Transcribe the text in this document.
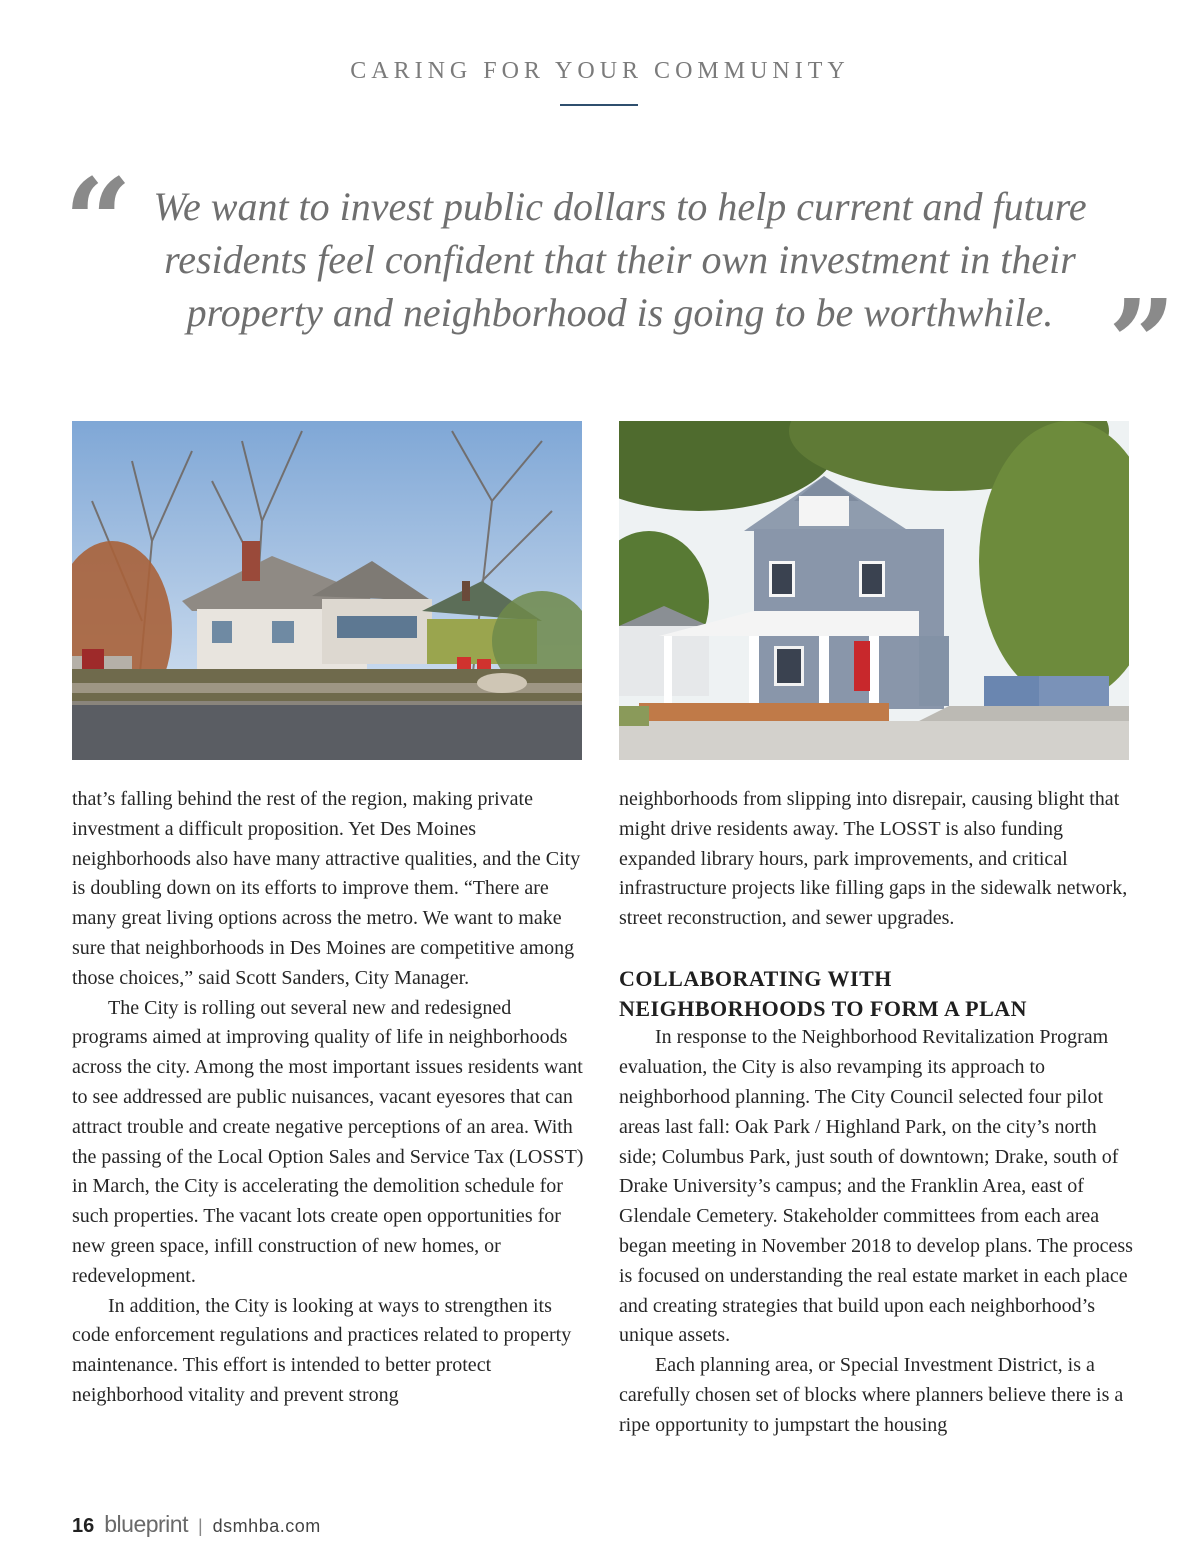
CARING FOR YOUR COMMUNITY
“ We want to invest public dollars to help current and future
residents feel confident that their own investment in their
property and neighborhood is going to be worthwhile. ”

that’s falling behind the rest of the region, making private investment a difficult proposition. Yet Des Moines neighborhoods also have many attractive qualities, and the City is doubling down on its efforts to improve them. “There are many great living options across the metro. We want to make sure that neighborhoods in Des Moines are competitive among those choices,” said Scott Sanders, City Manager.

The City is rolling out several new and redesigned programs aimed at improving quality of life in neighborhoods across the city. Among the most important issues residents want to see addressed are public nuisances, vacant eyesores that can attract trouble and create negative perceptions of an area. With the passing of the Local Option Sales and Service Tax (LOSST) in March, the City is accelerating the demolition schedule for such properties. The vacant lots create open opportunities for new green space, infill construction of new homes, or redevelopment.

In addition, the City is looking at ways to strengthen its code enforcement regulations and practices related to property maintenance. This effort is intended to better protect neighborhood vitality and prevent strong

neighborhoods from slipping into disrepair, causing blight that might drive residents away. The LOSST is also funding expanded library hours, park improvements, and critical infrastructure projects like filling gaps in the sidewalk network, street reconstruction, and sewer upgrades.

COLLABORATING WITH
NEIGHBORHOODS TO FORM A PLAN

In response to the Neighborhood Revitalization Program evaluation, the City is also revamping its approach to neighborhood planning. The City Council selected four pilot areas last fall: Oak Park / Highland Park, on the city’s north side; Columbus Park, just south of downtown; Drake, south of Drake University’s campus; and the Franklin Area, east of Glendale Cemetery. Stakeholder committees from each area began meeting in November 2018 to develop plans. The process is focused on understanding the real estate market in each place and creating strategies that build upon each neighborhood’s unique assets.

Each planning area, or Special Investment District, is a carefully chosen set of blocks where planners believe there is a ripe opportunity to jumpstart the housing

16 blueprint | dsmhba.com
